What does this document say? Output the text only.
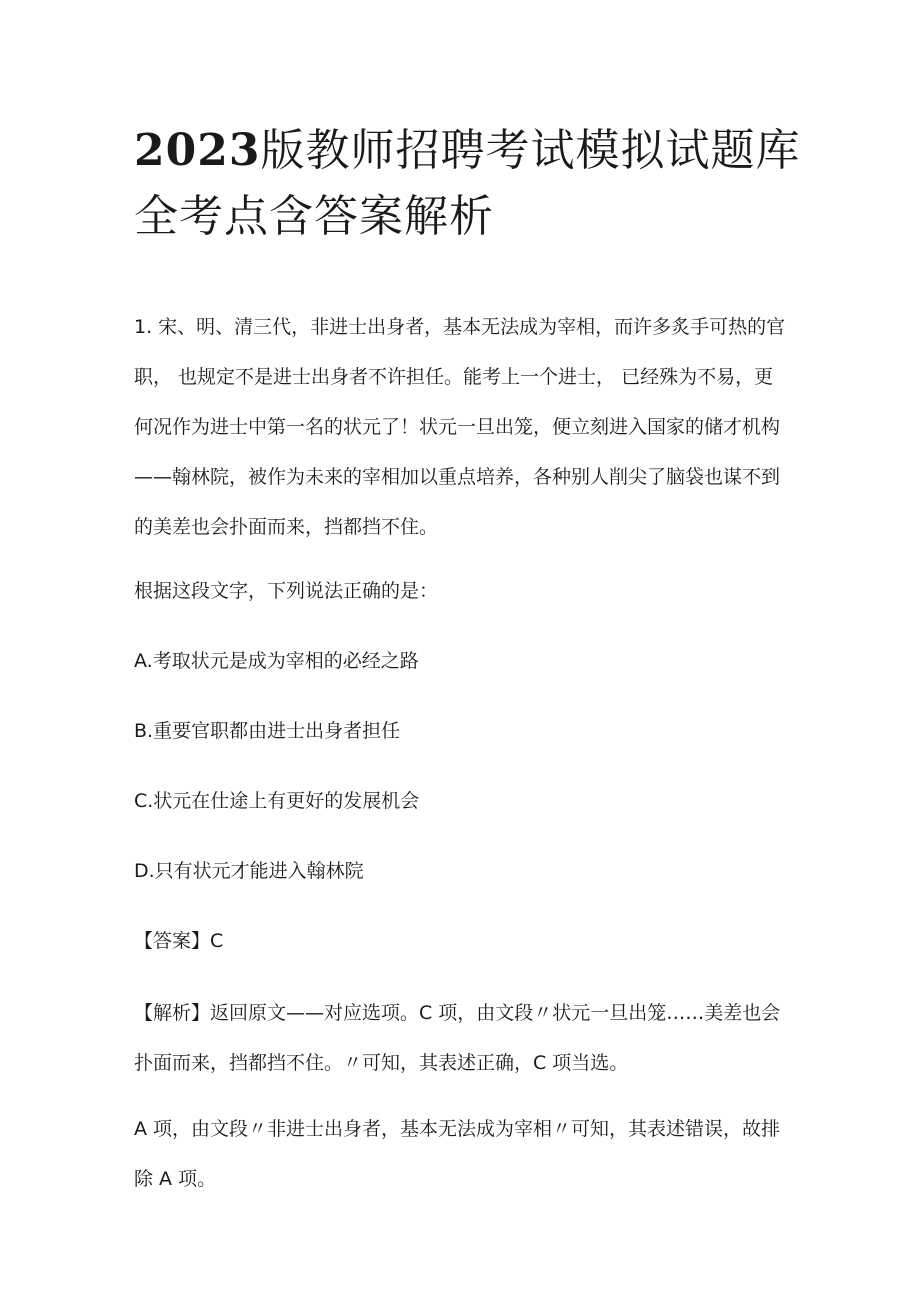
2023版教师招聘考试模拟试题库全考点含答案解析

1. 宋、明、清三代，非进士出身者，基本无法成为宰相，而许多炙手可热的官职， 也规定不是进士出身者不许担任。能考上一个进士， 已经殊为不易，更何况作为进士中第一名的状元了！状元一旦出笼，便立刻进入国家的储才机构——翰林院，被作为未来的宰相加以重点培养，各种别人削尖了脑袋也谋不到的美差也会扑面而来，挡都挡不住。

根据这段文字，下列说法正确的是：

A.考取状元是成为宰相的必经之路

B.重要官职都由进士出身者担任

C.状元在仕途上有更好的发展机会

D.只有状元才能进入翰林院

【答案】C

【解析】返回原文——对应选项。C 项，由文段〃状元一旦出笼……美差也会扑面而来，挡都挡不住。〃可知，其表述正确，C 项当选。

A 项，由文段〃非进士出身者，基本无法成为宰相〃可知，其表述错误，故排除 A 项。
